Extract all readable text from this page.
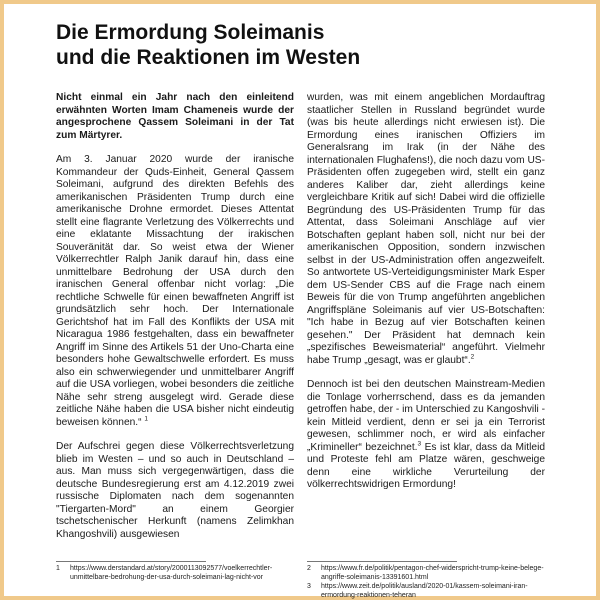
Die Ermordung Soleimanis
und die Reaktionen im Westen

Nicht einmal ein Jahr nach den einleitend erwähnten Worten Imam Chameneis wurde der angesprochene Qassem Soleimani in der Tat zum Märtyrer.

Am 3. Januar 2020 wurde der iranische Kommandeur der Quds-Einheit, General Qassem Soleimani, aufgrund des direkten Befehls des amerikanischen Präsidenten Trump durch eine amerikanische Drohne ermordet. Dieses Attentat stellt eine flagrante Verletzung des Völkerrechts und eine eklatante Missachtung der irakischen Souveränität dar. So weist etwa der Wiener Völkerrechtler Ralph Janik darauf hin, dass eine unmittelbare Bedrohung der USA durch den iranischen General offenbar nicht vorlag: „Die rechtliche Schwelle für einen bewaffneten Angriff ist grundsätzlich sehr hoch. Der Internationale Gerichtshof hat im Fall des Konflikts der USA mit Nicaragua 1986 festgehalten, dass ein bewaffneter Angriff im Sinne des Artikels 51 der Uno-Charta eine besonders hohe Gewaltschwelle erfordert. Es muss also ein schwerwiegender und unmittelbarer Angriff auf die USA vorliegen, wobei besonders die zeitliche Nähe sehr streng ausgelegt wird. Gerade diese zeitliche Nähe haben die USA bisher nicht eindeutig beweisen können.“ $^1$

Der Aufschrei gegen diese Völkerrechtsverletzung blieb im Westen – und so auch in Deutschland – aus. Man muss sich vergegenwärtigen, dass die deutsche Bundesregierung erst am 4.12.2019 zwei russische Diplomaten nach dem sogenannten "Tiergarten-Mord" an einem Georgier tschetschenischer Herkunft (namens Zelimkhan Khangoshvili) ausgewiesen

wurden, was mit einem angeblichen Mordauftrag staatlicher Stellen in Russland begründet wurde (was bis heute allerdings nicht erwiesen ist). Die Ermordung eines iranischen Offiziers im Generalsrang im Irak (in der Nähe des internationalen Flughafens!), die noch dazu vom US-Präsidenten offen zugegeben wird, stellt ein ganz anderes Kaliber dar, zieht allerdings keine vergleichbare Kritik auf sich! Dabei wird die offizielle Begründung des US-Präsidenten Trump für das Attentat, dass Soleimani Anschläge auf vier Botschaften geplant haben soll, nicht nur bei der amerikanischen Opposition, sondern inzwischen selbst in der US-Administration offen angezweifelt. So antwortete US-Verteidigungsminister Mark Esper dem US-Sender CBS auf die Frage nach einem Beweis für die von Trump angeführten angeblichen Angriffspläne Soleimanis auf vier US-Botschaften: "Ich habe in Bezug auf vier Botschaften keinen gesehen." Der Präsident hat demnach kein „spezifisches Beweismaterial“ angeführt. Vielmehr habe Trump „gesagt, was er glaubt“.$^2$

Dennoch ist bei den deutschen Mainstream-Medien die Tonlage vorherrschend, dass es da jemanden getroffen habe, der - im Unterschied zu Kangoshvili - kein Mitleid verdient, denn er sei ja ein Terrorist gewesen, schlimmer noch, er wird als einfacher „Krimineller“ bezeichnet.$^3$ Es ist klar, dass da Mitleid und Proteste fehl am Platze wären, geschweige denn eine wirkliche Verurteilung der völkerrechtswidrigen Ermordung!

1	https://www.derstandard.at/story/2000113092577/voelkerrechtler-unmittelbare-bedrohung-der-usa-durch-soleimani-lag-nicht-vor
2	https://www.fr.de/politik/pentagon-chef-widerspricht-trump-keine-belege-angriffe-soleimanis-13391601.html
3	https://www.zeit.de/politik/ausland/2020-01/kassem-soleimani-iran-ermordung-reaktionen-teheran
